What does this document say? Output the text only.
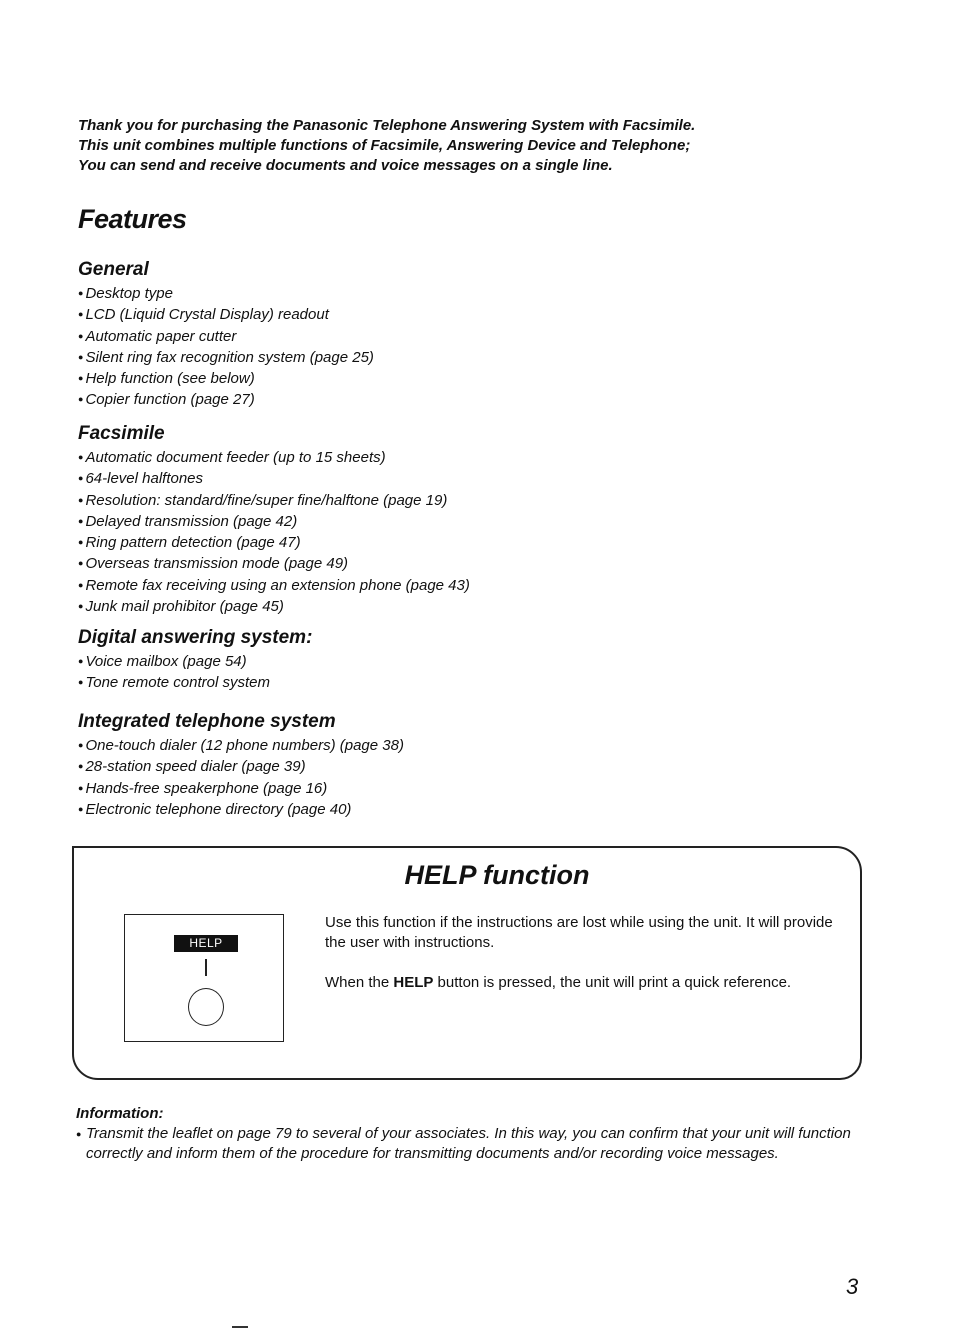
Thank you for purchasing the Panasonic Telephone Answering System with Facsimile.

This unit combines multiple functions of Facsimile, Answering Device and Telephone;

You can send and receive documents and voice messages on a single line.

Features
General
● Desktop type
● LCD (Liquid Crystal Display) readout
● Automatic paper cutter
● Silent ring fax recognition system (page 25)
● Help function (see below)
● Copier function (page 27)
Facsimile
● Automatic document feeder (up to 15 sheets)
● 64-level halftones
● Resolution: standard/fine/super fine/halftone (page 19)
● Delayed transmission (page 42)
● Ring pattern detection (page 47)
● Overseas transmission mode (page 49)
● Remote fax receiving using an extension phone (page 43)
● Junk mail prohibitor (page 45)
Digital answering system:
● Voice mailbox (page 54)
● Tone remote control system
Integrated telephone system
● One-touch dialer (12 phone numbers) (page 38)
● 28-station speed dialer (page 39)
● Hands-free speakerphone (page 16)
● Electronic telephone directory (page 40)
HELP function
HELP

Use this function if the instructions are lost while using the unit. It will provide the user with instructions.

When the HELP button is pressed, the unit will print a quick reference.

Information:
● Transmit the leaflet on page 79 to several of your associates. In this way, you can confirm that your unit will function correctly and inform them of the procedure for transmitting documents and/or recording voice messages.

3
